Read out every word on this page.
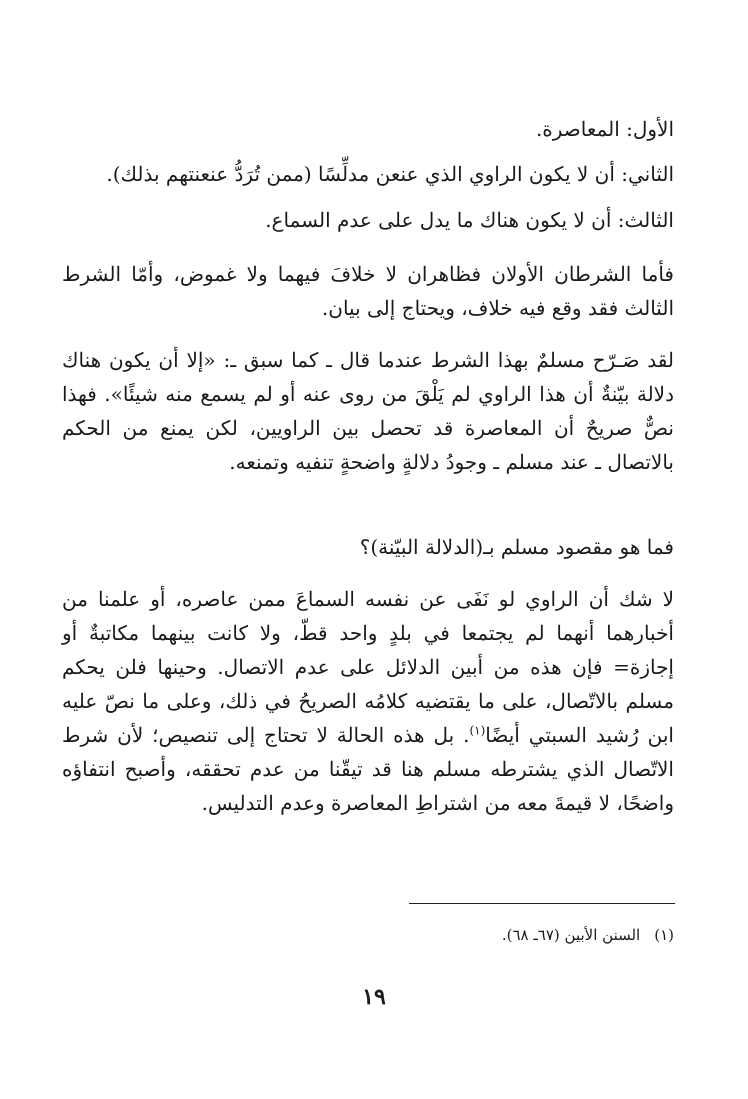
الأول: المعاصرة.
الثاني: أن لا يكون الراوي الذي عنعن مدلِّسًا (ممن تُرَدُّ عنعنتهم بذلك).
الثالث: أن لا يكون هناك ما يدل على عدم السماع.
فأما الشرطان الأولان فظاهران لا خلافَ فيهما ولا غموض، وأمّا الشرط الثالث فقد وقع فيه خلاف، ويحتاج إلى بيان.
لقد صَـرّح مسلمٌ بهذا الشرط عندما قال ـ كما سبق ـ: «إلا أن يكون هناك دلالة بيّنةٌ أن هذا الراوي لم يَلْقَ من روى عنه أو لم يسمع منه شيئًا». فهذا نصٌّ صريحٌ أن المعاصرة قد تحصل بين الراويين، لكن يمنع من الحكم بالاتصال ـ عند مسلم ـ وجودُ دلالةٍ واضحةٍ تنفيه وتمنعه.
فما هو مقصود مسلم بـ(الدلالة البيّنة)؟
لا شك أن الراوي لو نَفَى عن نفسه السماعَ ممن عاصره، أو علمنا من أخبارهما أنهما لم يجتمعا في بلدٍ واحد قطّ، ولا كانت بينهما مكاتبةٌ أو إجازة= فإن هذه من أبين الدلائل على عدم الاتصال. وحينها فلن يحكم مسلم بالاتّصال، على ما يقتضيه كلامُه الصريحُ في ذلك، وعلى ما نصّ عليه ابن رُشيد السبتي أيضًا$^{(١)}$. بل هذه الحالة لا تحتاج إلى تنصيص؛ لأن شرط الاتّصال الذي يشترطه مسلم هنا قد تيقّنا من عدم تحققه، وأصبح انتفاؤه واضحًا، لا قيمةَ معه من اشتراطِ المعاصرة وعدم التدليس.
(١)السنن الأبين (٦٧ـ ٦٨).
١٩
